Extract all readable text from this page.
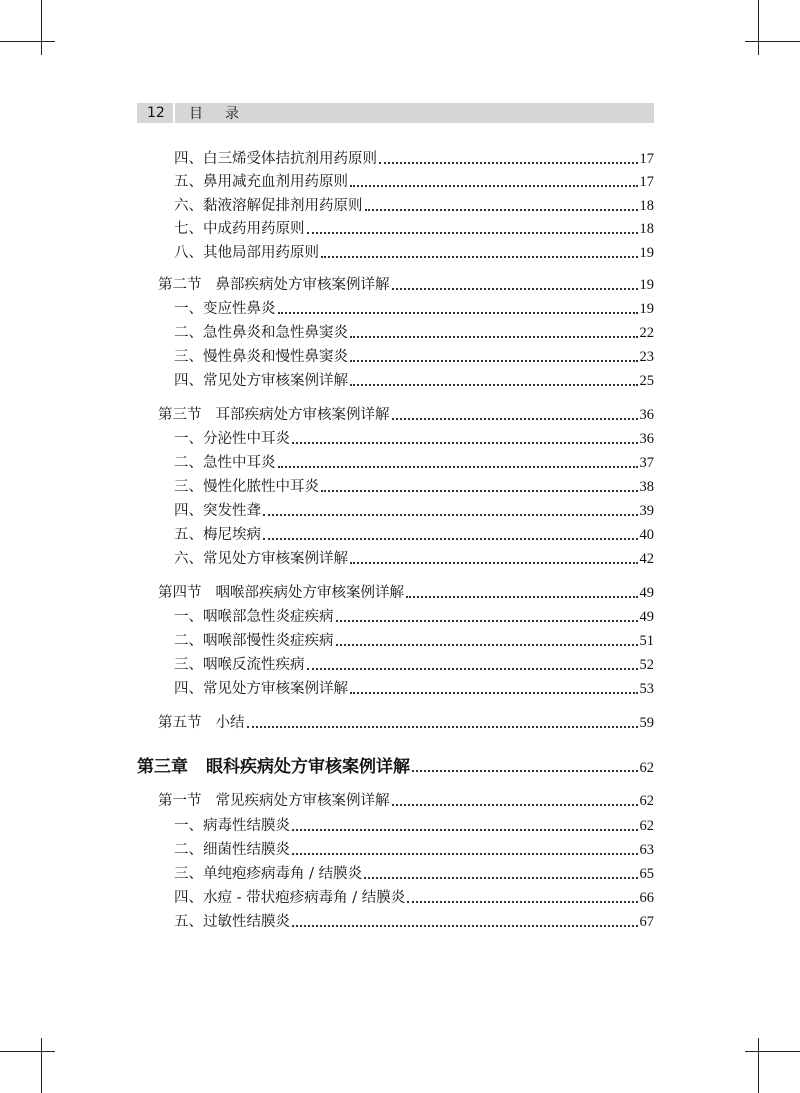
12	目录
四、白三烯受体拮抗剂用药原则	17
五、鼻用减充血剂用药原则	17
六、黏液溶解促排剂用药原则	18
七、中成药用药原则	18
八、其他局部用药原则	19
第二节 鼻部疾病处方审核案例详解	19
一、变应性鼻炎	19
二、急性鼻炎和急性鼻窦炎	22
三、慢性鼻炎和慢性鼻窦炎	23
四、常见处方审核案例详解	25
第三节 耳部疾病处方审核案例详解	36
一、分泌性中耳炎	36
二、急性中耳炎	37
三、慢性化脓性中耳炎	38
四、突发性聋	39
五、梅尼埃病	40
六、常见处方审核案例详解	42
第四节 咽喉部疾病处方审核案例详解	49
一、咽喉部急性炎症疾病	49
二、咽喉部慢性炎症疾病	51
三、咽喉反流性疾病	52
四、常见处方审核案例详解	53
第五节 小结	59
第三章 眼科疾病处方审核案例详解	62
第一节 常见疾病处方审核案例详解	62
一、病毒性结膜炎	62
二、细菌性结膜炎	63
三、单纯疱疹病毒角 / 结膜炎	65
四、水痘 - 带状疱疹病毒角 / 结膜炎	66
五、过敏性结膜炎	67
